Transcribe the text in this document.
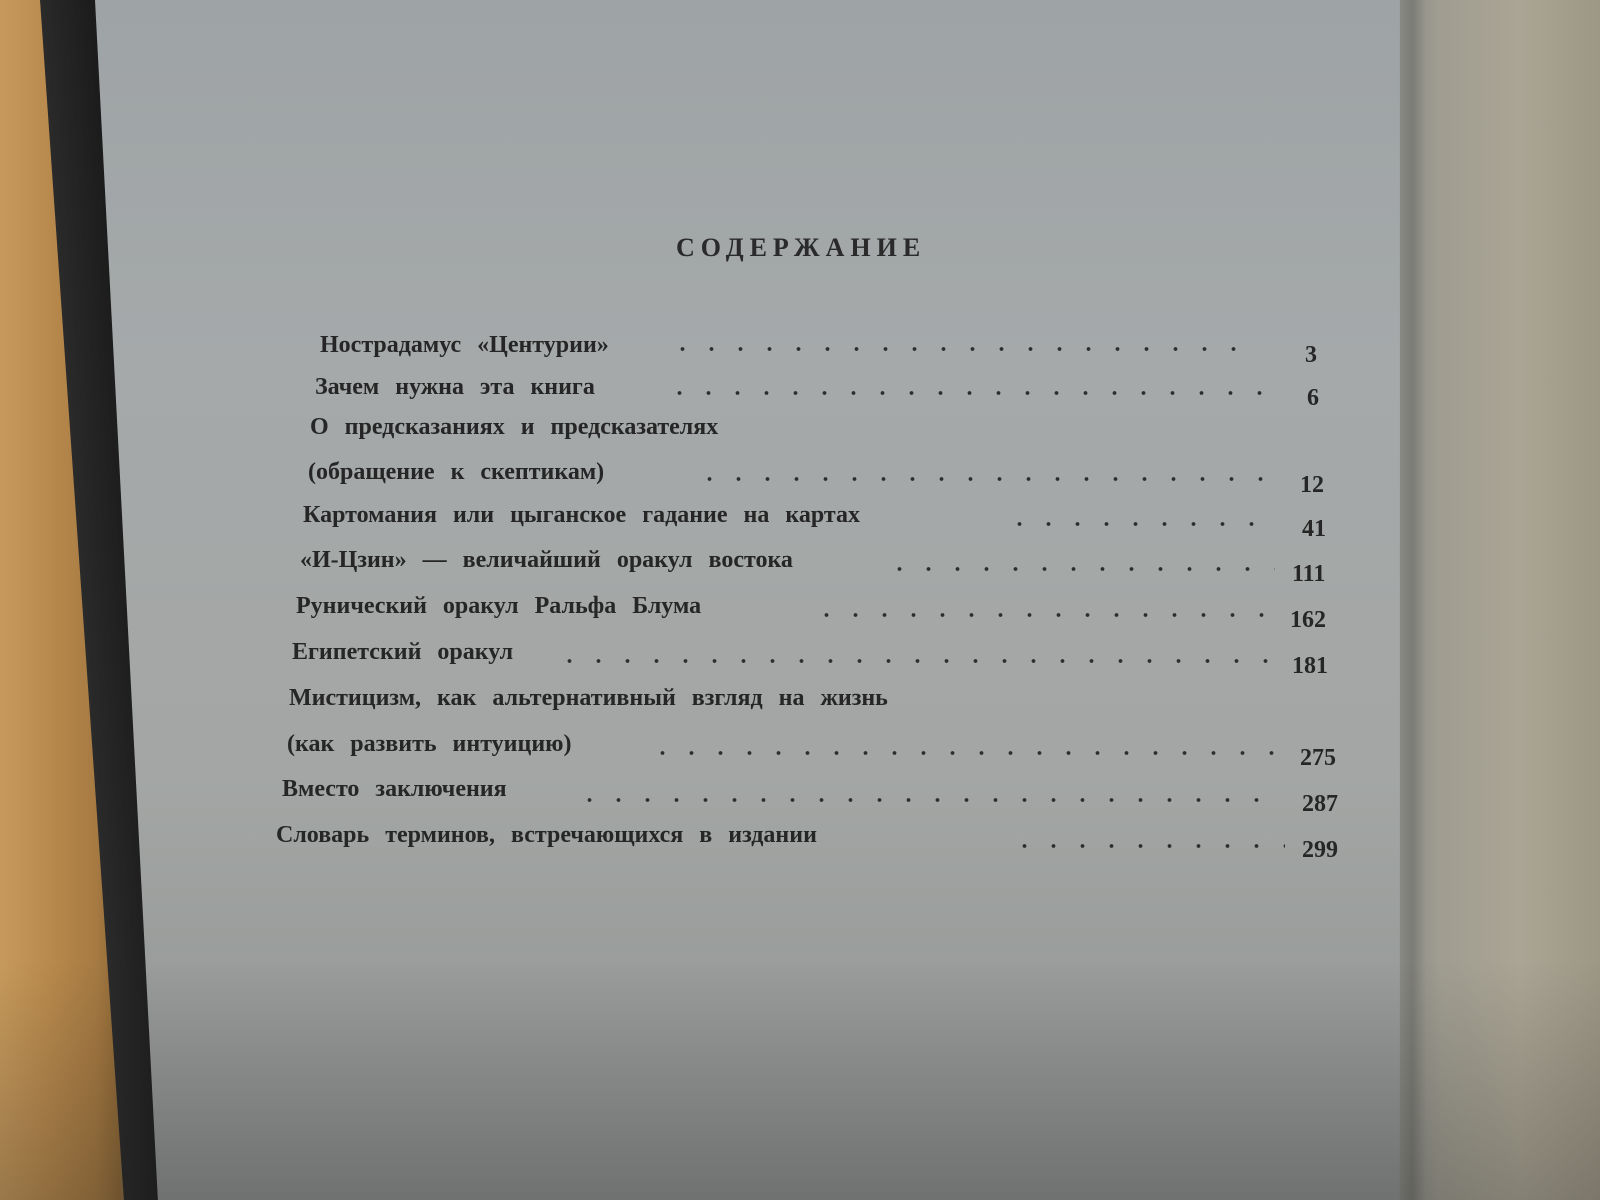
СОДЕРЖАНИЕ
Нострадамус «Центурии»	3
Зачем нужна эта книга	6
О предсказаниях и предсказателях
(обращение к скептикам)	12
Картомания или цыганское гадание на картах
41
«И-Цзин» — величайший оракул востока
111
Рунический оракул Ральфа Блума
162
Египетский оракул
181
Мистицизм, как альтернативный взгляд на жизнь
(как развить интуицию)
275
Вместо заключения
287
Словарь терминов, встречающихся в издании
299
